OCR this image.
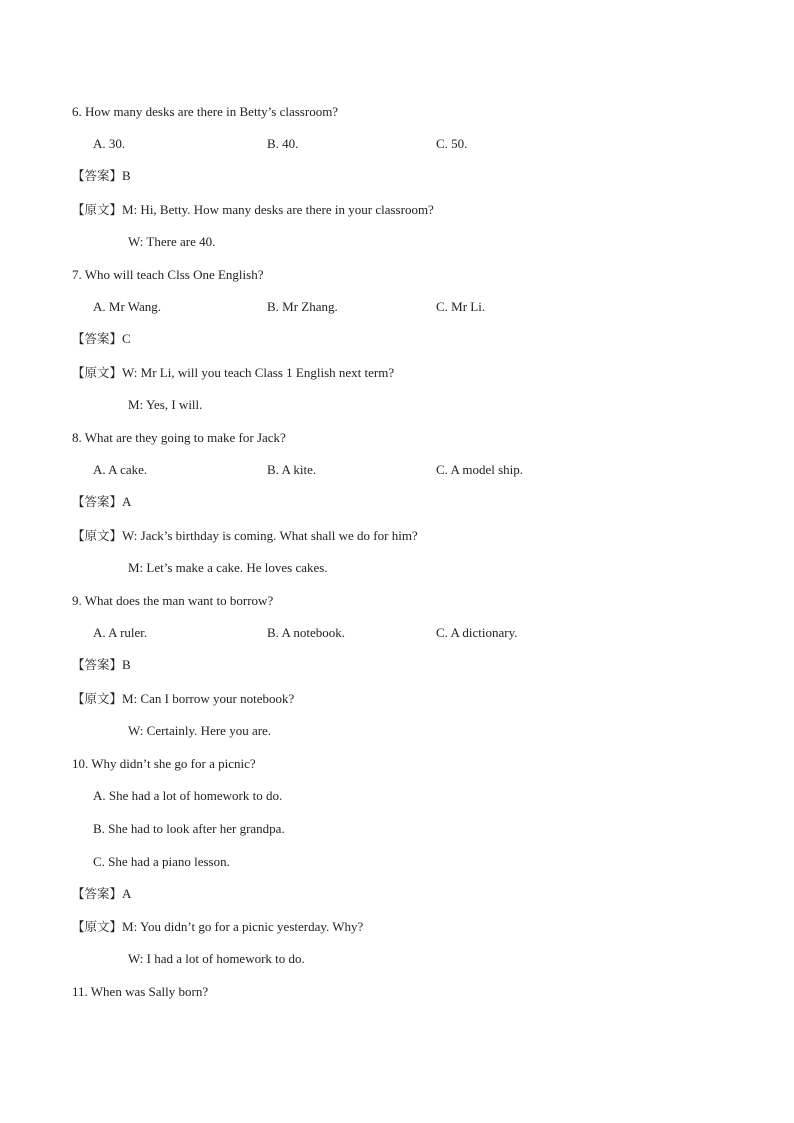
6. How many desks are there in Betty’s classroom?
A. 30.	B. 40.	C. 50.
【答案】B
【原文】M: Hi, Betty. How many desks are there in your classroom?
W: There are 40.
7. Who will teach Clss One English?
A. Mr Wang.	B. Mr Zhang.	C. Mr Li.
【答案】C
【原文】W: Mr Li, will you teach Class 1 English next term?
M: Yes, I will.
8. What are they going to make for Jack?
A. A cake.	B. A kite.	C. A model ship.
【答案】A
【原文】W: Jack’s birthday is coming. What shall we do for him?
M: Let’s make a cake. He loves cakes.
9. What does the man want to borrow?
A. A ruler.	B. A notebook.	C. A dictionary.
【答案】B
【原文】M: Can I borrow your notebook?
W: Certainly. Here you are.
10. Why didn’t she go for a picnic?
A. She had a lot of homework to do.
B. She had to look after her grandpa.
C. She had a piano lesson.
【答案】A
【原文】M: You didn’t go for a picnic yesterday. Why?
W: I had a lot of homework to do.
11. When was Sally born?
